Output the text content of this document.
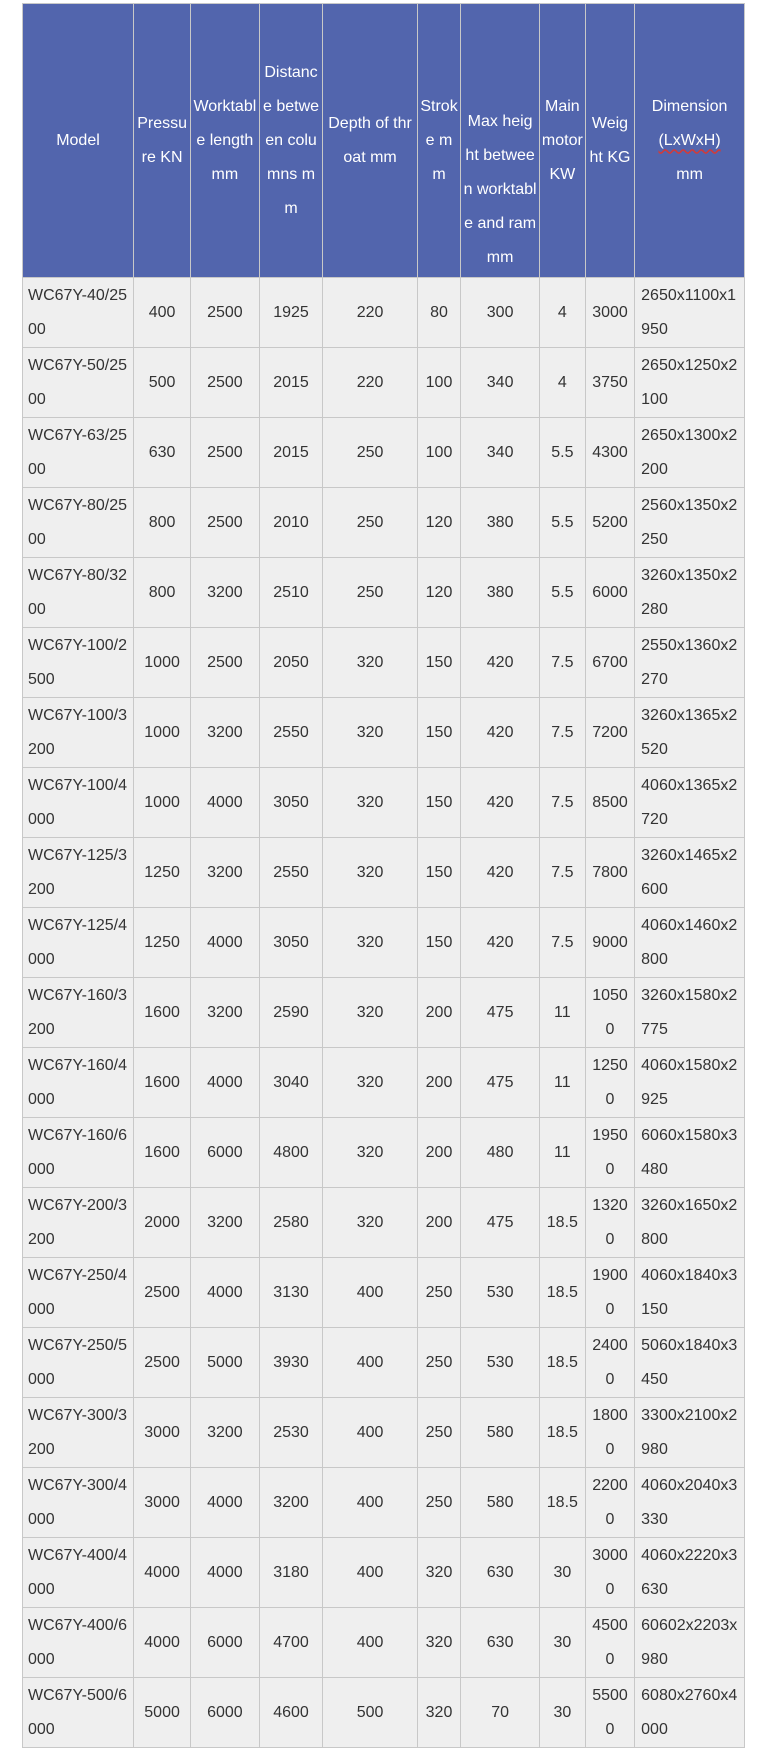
Model	Pressure KN	Worktable length mm	Distance between columns mm	Depth of throat mm	Stroke mm	Max height between worktable and ram mm	Main motor KW	Weight KG	Dimension
(LxWxH)
mm

WC67Y-40/2500	400	2500	1925	220	80	300	4	3000	2650x1100x1950
WC67Y-50/2500	500	2500	2015	220	100	340	4	3750	2650x1250x2100
WC67Y-63/2500	630	2500	2015	250	100	340	5.5	4300	2650x1300x2200
WC67Y-80/2500	800	2500	2010	250	120	380	5.5	5200	2560x1350x2250
WC67Y-80/3200	800	3200	2510	250	120	380	5.5	6000	3260x1350x2280
WC67Y-100/2500	1000	2500	2050	320	150	420	7.5	6700	2550x1360x2270
WC67Y-100/3200	1000	3200	2550	320	150	420	7.5	7200	3260x1365x2520
WC67Y-100/4000	1000	4000	3050	320	150	420	7.5	8500	4060x1365x2720
WC67Y-125/3200	1250	3200	2550	320	150	420	7.5	7800	3260x1465x2600
WC67Y-125/4000	1250	4000	3050	320	150	420	7.5	9000	4060x1460x2800
WC67Y-160/3200	1600	3200	2590	320	200	475	11	10500	3260x1580x2775
WC67Y-160/4000	1600	4000	3040	320	200	475	11	12500	4060x1580x2925
WC67Y-160/6000	1600	6000	4800	320	200	480	11	19500	6060x1580x3480
WC67Y-200/3200	2000	3200	2580	320	200	475	18.5	13200	3260x1650x2800
WC67Y-250/4000	2500	4000	3130	400	250	530	18.5	19000	4060x1840x3150
WC67Y-250/5000	2500	5000	3930	400	250	530	18.5	24000	5060x1840x3450
WC67Y-300/3200	3000	3200	2530	400	250	580	18.5	18000	3300x2100x2980
WC67Y-300/4000	3000	4000	3200	400	250	580	18.5	22000	4060x2040x3330
WC67Y-400/4000	4000	4000	3180	400	320	630	30	30000	4060x2220x3630
WC67Y-400/6000	4000	6000	4700	400	320	630	30	45000	60602x2203x980
WC67Y-500/6000	5000	6000	4600	500	320	70	30	55000	6080x2760x4000
